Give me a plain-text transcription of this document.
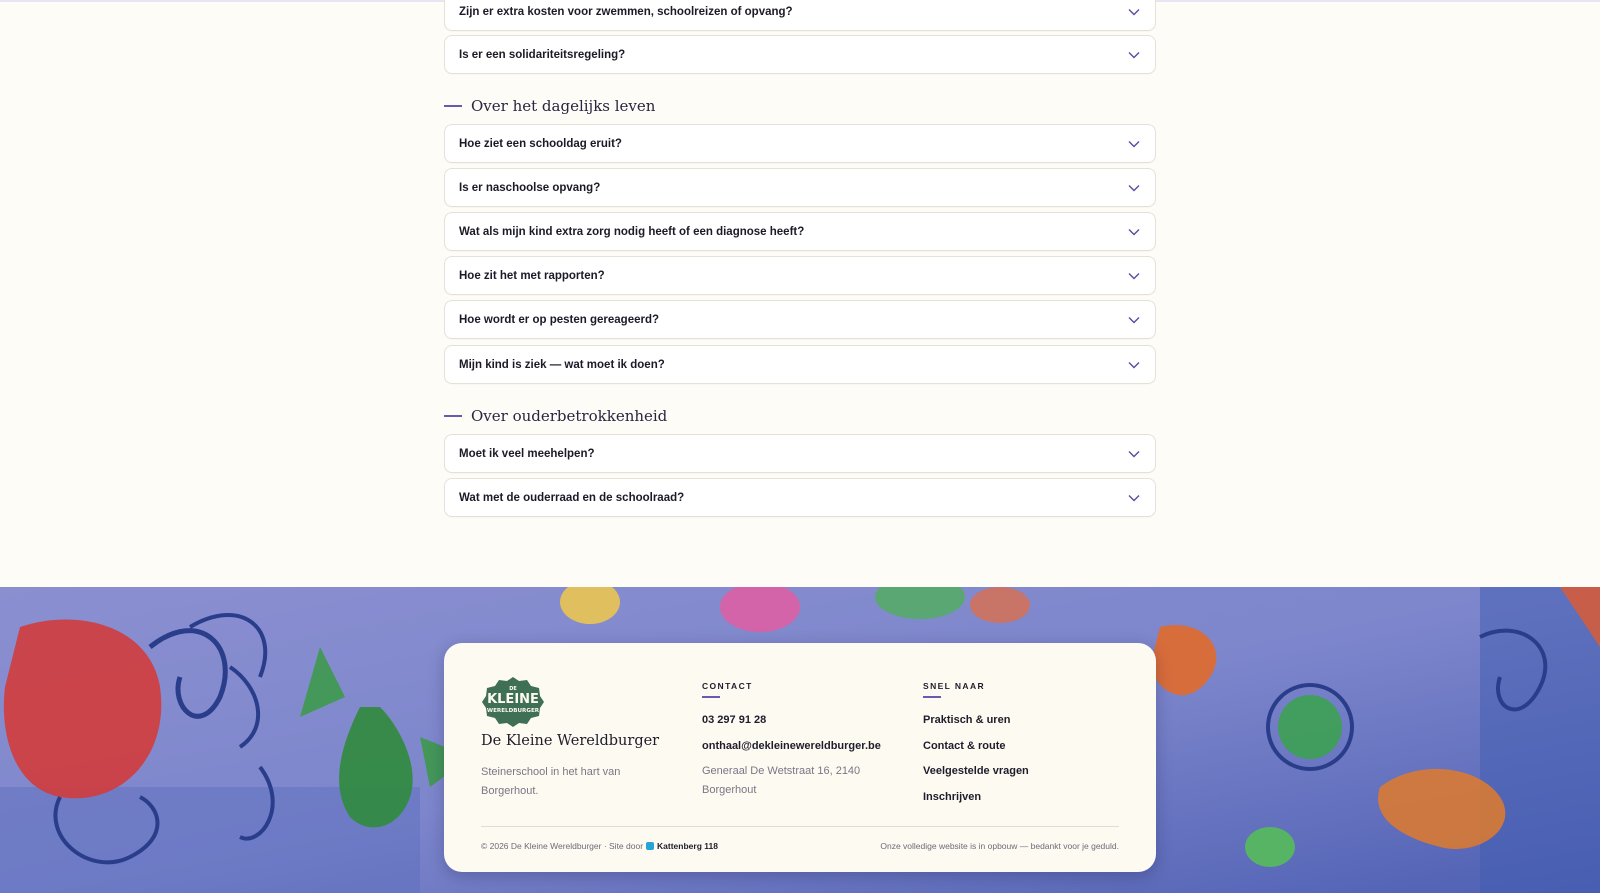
Zijn er extra kosten voor zwemmen, schoolreizen of opvang?
Is er een solidariteitsregeling?
Over het dagelijks leven
Hoe ziet een schooldag eruit?
Is er naschoolse opvang?
Wat als mijn kind extra zorg nodig heeft of een diagnose heeft?
Hoe zit het met rapporten?
Hoe wordt er op pesten gereageerd?
Mijn kind is ziek — wat moet ik doen?
Over ouderbetrokkenheid
Moet ik veel meehelpen?
Wat met de ouderraad en de schoolraad?
DE
KLEINE
WERELDBURGER
De Kleine Wereldburger
Steinerschool in het hart van Borgerhout.
CONTACT
03 297 91 28
onthaal@dekleinewereldburger.be
Generaal De Wetstraat 16, 2140 Borgerhout
SNEL NAAR
Praktisch & uren
Contact & route
Veelgestelde vragen
Inschrijven
© 2026 De Kleine Wereldburger · Site door Kattenberg 118	Onze volledige website is in opbouw — bedankt voor je geduld.
